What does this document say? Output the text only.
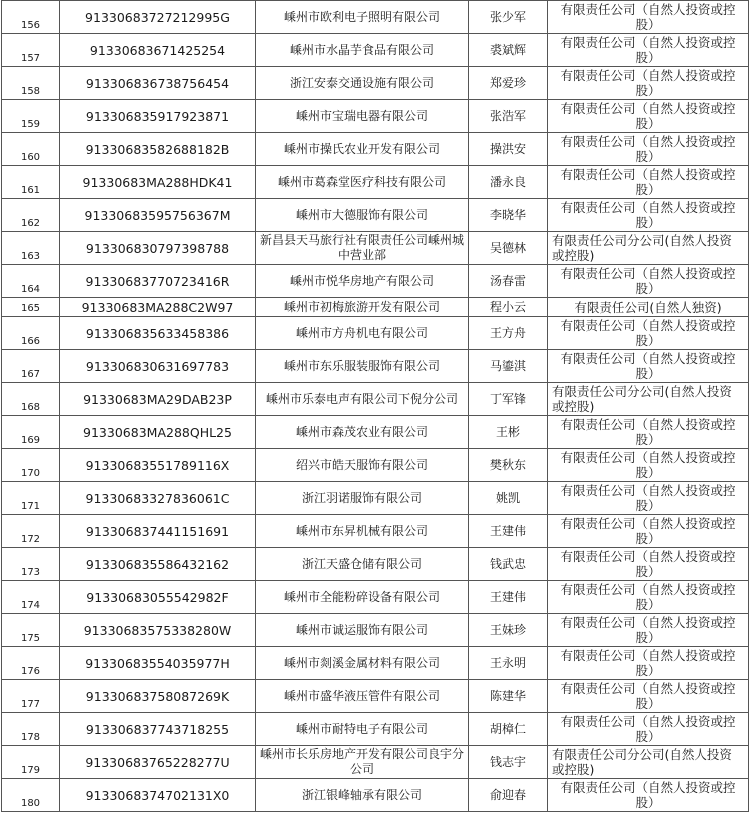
156	91330683727212995G	嵊州市欧利电子照明有限公司	张少军	有限责任公司（自然人投资或控股）
157	91330683671425254	嵊州市水晶芋食品有限公司	裘斌辉	有限责任公司（自然人投资或控股）
158	913306836738756454	浙江安泰交通设施有限公司	郑爱珍	有限责任公司（自然人投资或控股）
159	913306835917923871	嵊州市宝瑞电器有限公司	张浩军	有限责任公司（自然人投资或控股）
160	91330683582688182B	嵊州市操氏农业开发有限公司	操洪安	有限责任公司（自然人投资或控股）
161	91330683MA288HDK41	嵊州市葛森堂医疗科技有限公司	潘永良	有限责任公司（自然人投资或控股）
162	91330683595756367M	嵊州市大德服饰有限公司	李晓华	有限责任公司（自然人投资或控股）
163	913306830797398788	新昌县天马旅行社有限责任公司嵊州城中营业部	吴德林	有限责任公司分公司(自然人投资或控股)
164	91330683770723416R	嵊州市悦华房地产有限公司	汤春雷	有限责任公司（自然人投资或控股）
165	91330683MA288C2W97	嵊州市初梅旅游开发有限公司	程小云	有限责任公司(自然人独资)
166	913306835633458386	嵊州市方舟机电有限公司	王方舟	有限责任公司（自然人投资或控股）
167	913306830631697783	嵊州市东乐服装服饰有限公司	马鎏淇	有限责任公司（自然人投资或控股）
168	91330683MA29DAB23P	嵊州市乐泰电声有限公司下倪分公司	丁军锋	有限责任公司分公司(自然人投资或控股)
169	91330683MA288QHL25	嵊州市森茂农业有限公司	王彬	有限责任公司（自然人投资或控股）
170	91330683551789116X	绍兴市皓天服饰有限公司	樊秋东	有限责任公司（自然人投资或控股）
171	91330683327836061C	浙江羽诺服饰有限公司	姚凯	有限责任公司（自然人投资或控股）
172	913306837441151691	嵊州市东昇机械有限公司	王建伟	有限责任公司（自然人投资或控股）
173	913306835586432162	浙江天盛仓储有限公司	钱武忠	有限责任公司（自然人投资或控股）
174	91330683055542982F	嵊州市全能粉碎设备有限公司	王建伟	有限责任公司（自然人投资或控股）
175	91330683575338280W	嵊州市诚运服饰有限公司	王妹珍	有限责任公司（自然人投资或控股）
176	91330683554035977H	嵊州市剡溪金属材料有限公司	王永明	有限责任公司（自然人投资或控股）
177	91330683758087269K	嵊州市盛华液压管件有限公司	陈建华	有限责任公司（自然人投资或控股）
178	913306837743718255	嵊州市耐特电子有限公司	胡樟仁	有限责任公司（自然人投资或控股）
179	91330683765228277U	嵊州市长乐房地产开发有限公司良宇分公司	钱志宇	有限责任公司分公司(自然人投资或控股)
180	9133068374702131X0	浙江银峰轴承有限公司	俞迎春	有限责任公司（自然人投资或控股）
